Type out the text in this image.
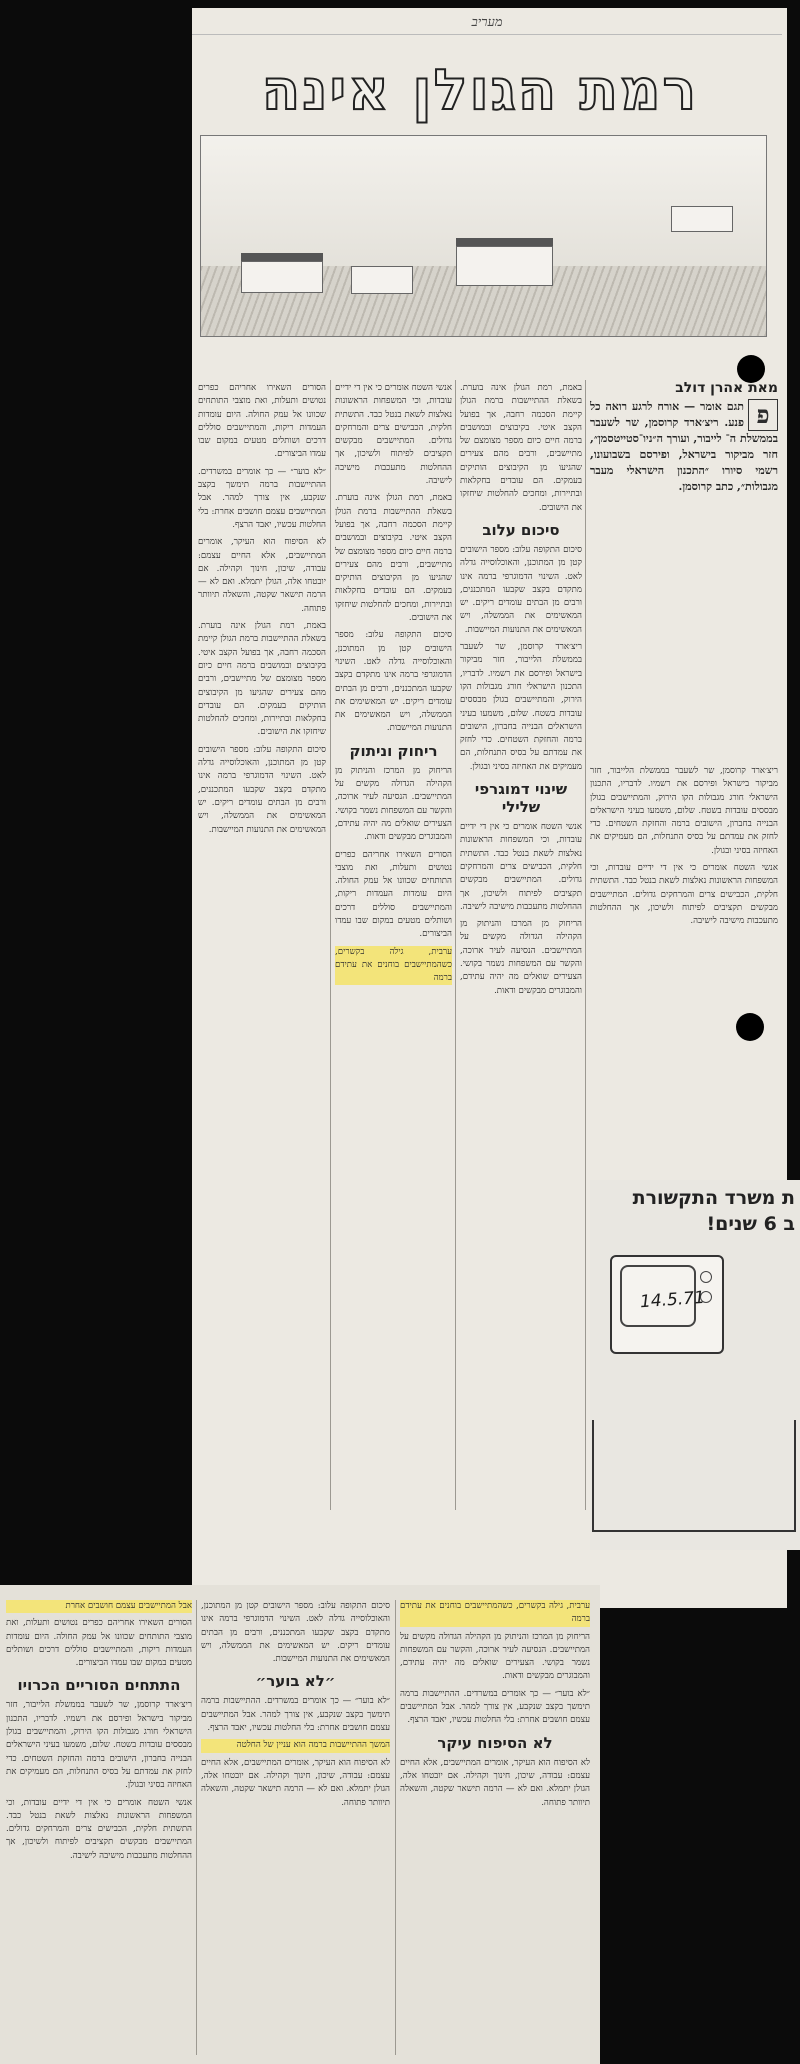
מעריב
רמת הגולן אינה
מאת אהרן דולב
פ

תגם אומר — אורח לרגע רואה כל פנע. ריצ׳ארד קרוסמן, שר לשעבר בממשלת ה־ לייבור, ועורך ה״ניו־סטייטסמן״, חזר מביקור בישראל, ופירסם בשבועונו, רשמי סיורו ״התכנון הישראלי מעבר מגבולות״, כתב קרוסמן.

ריצ׳ארד קרוסמן, שר לשעבר בממשלת הלייבור, חזר מביקור בישראל ופירסם את רשמיו. לדבריו, התכנון הישראלי חורג מגבולות הקו הירוק, והמתיישבים בגולן מבססים עובדות בשטח. שלום, משמעו בעיני הישראלים הבנייה בחברון, הישובים ברמה והחזקת השטחים. כדי לחזק את עמדתם על בסיס התנחלות, הם מעמיקים את האחיזה בסיני ובגולן.

אנשי השטח אומרים כי אין די ידיים עובדות, וכי המשפחות הראשונות נאלצות לשאת בנטל כבד. התשתית חלקית, הכבישים צרים והמרחקים גדולים. המתיישבים מבקשים תקציבים לפיתוח ולשיכון, אך ההחלטות מתעכבות מישיבה לישיבה.

באמת, רמת הגולן אינה בוערת. בשאלת ההתיישבות ברמת הגולן קיימת הסכמה רחבה, אך בפועל הקצב איטי. בקיבוצים ובמושבים ברמה חיים כיום מספר מצומצם של מתיישבים, ורבים מהם צעירים שהגיעו מן הקיבוצים הותיקים בעמקים. הם עובדים בחקלאות ובתיירות, ומחכים להחלטות שיחזקו את הישובים.

סיכום עלוב

סיכום התקופה עלוב: מספר הישובים קטן מן המתוכנן, והאוכלוסייה גדלה לאט. השינוי הדמוגרפי ברמה אינו מתקדם בקצב שקבעו המתכננים, ורבים מן הבתים עומדים ריקים. יש המאשימים את הממשלה, ויש המאשימים את התנועות המיישבות.

ריצ׳ארד קרוסמן, שר לשעבר בממשלת הלייבור, חזר מביקור בישראל ופירסם את רשמיו. לדבריו, התכנון הישראלי חורג מגבולות הקו הירוק, והמתיישבים בגולן מבססים עובדות בשטח. שלום, משמעו בעיני הישראלים הבנייה בחברון, הישובים ברמה והחזקת השטחים. כדי לחזק את עמדתם על בסיס התנחלות, הם מעמיקים את האחיזה בסיני ובגולן.

שינוי דמוגרפי שלילי

אנשי השטח אומרים כי אין די ידיים עובדות, וכי המשפחות הראשונות נאלצות לשאת בנטל כבד. התשתית חלקית, הכבישים צרים והמרחקים גדולים. המתיישבים מבקשים תקציבים לפיתוח ולשיכון, אך ההחלטות מתעכבות מישיבה לישיבה.

הריחוק מן המרכז והניתוק מן הקהילה הגדולה מקשים על המתיישבים. הנסיעה לעיר ארוכה, והקשר עם המשפחות נשמר בקושי. הצעירים שואלים מה יהיה עתידם, והמבוגרים מבקשים ודאות.

אנשי השטח אומרים כי אין די ידיים עובדות, וכי המשפחות הראשונות נאלצות לשאת בנטל כבד. התשתית חלקית, הכבישים צרים והמרחקים גדולים. המתיישבים מבקשים תקציבים לפיתוח ולשיכון, אך ההחלטות מתעכבות מישיבה לישיבה.

באמת, רמת הגולן אינה בוערת. בשאלת ההתיישבות ברמת הגולן קיימת הסכמה רחבה, אך בפועל הקצב איטי. בקיבוצים ובמושבים ברמה חיים כיום מספר מצומצם של מתיישבים, ורבים מהם צעירים שהגיעו מן הקיבוצים הותיקים בעמקים. הם עובדים בחקלאות ובתיירות, ומחכים להחלטות שיחזקו את הישובים.

סיכום התקופה עלוב: מספר הישובים קטן מן המתוכנן, והאוכלוסייה גדלה לאט. השינוי הדמוגרפי ברמה אינו מתקדם בקצב שקבעו המתכננים, ורבים מן הבתים עומדים ריקים. יש המאשימים את הממשלה, ויש המאשימים את התנועות המיישבות.

ריחוק וניתוק

הריחוק מן המרכז והניתוק מן הקהילה הגדולה מקשים על המתיישבים. הנסיעה לעיר ארוכה, והקשר עם המשפחות נשמר בקושי. הצעירים שואלים מה יהיה עתידם, והמבוגרים מבקשים ודאות.

הסורים השאירו אחריהם כפרים נטושים ותעלות, ואת מוצבי התותחים שכוונו אל עמק החולה. היום עומדות העמדות ריקות, והמתיישבים סוללים דרכים ושותלים מטעים במקום שבו עמדו הביצורים.

ערבית, גילה בקשרים, כשהמתיישבים בוחנים את עתידם ברמה

הסורים השאירו אחריהם כפרים נטושים ותעלות, ואת מוצבי התותחים שכוונו אל עמק החולה. היום עומדות העמדות ריקות, והמתיישבים סוללים דרכים ושותלים מטעים במקום שבו עמדו הביצורים.

״לא בוער״ — כך אומרים במשרדים. ההתיישבות ברמה תימשך בקצב שנקבע, אין צורך למהר. אבל המתיישבים עצמם חושבים אחרת: בלי החלטות עכשיו, יאבד הרצף.

לא הסיפוח הוא העיקר, אומרים המתיישבים, אלא החיים עצמם: עבודה, שיכון, חינוך וקהילה. אם יובטחו אלה, הגולן יתמלא. ואם לא — הרמה תישאר שקטה, והשאלה תיוותר פתוחה.

באמת, רמת הגולן אינה בוערת. בשאלת ההתיישבות ברמת הגולן קיימת הסכמה רחבה, אך בפועל הקצב איטי. בקיבוצים ובמושבים ברמה חיים כיום מספר מצומצם של מתיישבים, ורבים מהם צעירים שהגיעו מן הקיבוצים הותיקים בעמקים. הם עובדים בחקלאות ובתיירות, ומחכים להחלטות שיחזקו את הישובים.

סיכום התקופה עלוב: מספר הישובים קטן מן המתוכנן, והאוכלוסייה גדלה לאט. השינוי הדמוגרפי ברמה אינו מתקדם בקצב שקבעו המתכננים, ורבים מן הבתים עומדים ריקים. יש המאשימים את הממשלה, ויש המאשימים את התנועות המיישבות.

ת משרד התקשורת
ב 6 שנים!
14.5.71

ערבית, גילה בקשרים, כשהמתיישבים בוחנים את עתידם ברמה

הריחוק מן המרכז והניתוק מן הקהילה הגדולה מקשים על המתיישבים. הנסיעה לעיר ארוכה, והקשר עם המשפחות נשמר בקושי. הצעירים שואלים מה יהיה עתידם, והמבוגרים מבקשים ודאות.

״לא בוער״ — כך אומרים במשרדים. ההתיישבות ברמה תימשך בקצב שנקבע, אין צורך למהר. אבל המתיישבים עצמם חושבים אחרת: בלי החלטות עכשיו, יאבד הרצף.

לא הסיפוח עיקר

לא הסיפוח הוא העיקר, אומרים המתיישבים, אלא החיים עצמם: עבודה, שיכון, חינוך וקהילה. אם יובטחו אלה, הגולן יתמלא. ואם לא — הרמה תישאר שקטה, והשאלה תיוותר פתוחה.

סיכום התקופה עלוב: מספר הישובים קטן מן המתוכנן, והאוכלוסייה גדלה לאט. השינוי הדמוגרפי ברמה אינו מתקדם בקצב שקבעו המתכננים, ורבים מן הבתים עומדים ריקים. יש המאשימים את הממשלה, ויש המאשימים את התנועות המיישבות.

״לא בוער״

״לא בוער״ — כך אומרים במשרדים. ההתיישבות ברמה תימשך בקצב שנקבע, אין צורך למהר. אבל המתיישבים עצמם חושבים אחרת: בלי החלטות עכשיו, יאבד הרצף.

המשך ההתיישבות ברמה הוא עניין של החלטה

לא הסיפוח הוא העיקר, אומרים המתיישבים, אלא החיים עצמם: עבודה, שיכון, חינוך וקהילה. אם יובטחו אלה, הגולן יתמלא. ואם לא — הרמה תישאר שקטה, והשאלה תיוותר פתוחה.

אבל המתיישבים עצמם חושבים אחרת

הסורים השאירו אחריהם כפרים נטושים ותעלות, ואת מוצבי התותחים שכוונו אל עמק החולה. היום עומדות העמדות ריקות, והמתיישבים סוללים דרכים ושותלים מטעים במקום שבו עמדו הביצורים.

התתחים הסוריים הכרויו

ריצ׳ארד קרוסמן, שר לשעבר בממשלת הלייבור, חזר מביקור בישראל ופירסם את רשמיו. לדבריו, התכנון הישראלי חורג מגבולות הקו הירוק, והמתיישבים בגולן מבססים עובדות בשטח. שלום, משמעו בעיני הישראלים הבנייה בחברון, הישובים ברמה והחזקת השטחים. כדי לחזק את עמדתם על בסיס התנחלות, הם מעמיקים את האחיזה בסיני ובגולן.

אנשי השטח אומרים כי אין די ידיים עובדות, וכי המשפחות הראשונות נאלצות לשאת בנטל כבד. התשתית חלקית, הכבישים צרים והמרחקים גדולים. המתיישבים מבקשים תקציבים לפיתוח ולשיכון, אך ההחלטות מתעכבות מישיבה לישיבה.
